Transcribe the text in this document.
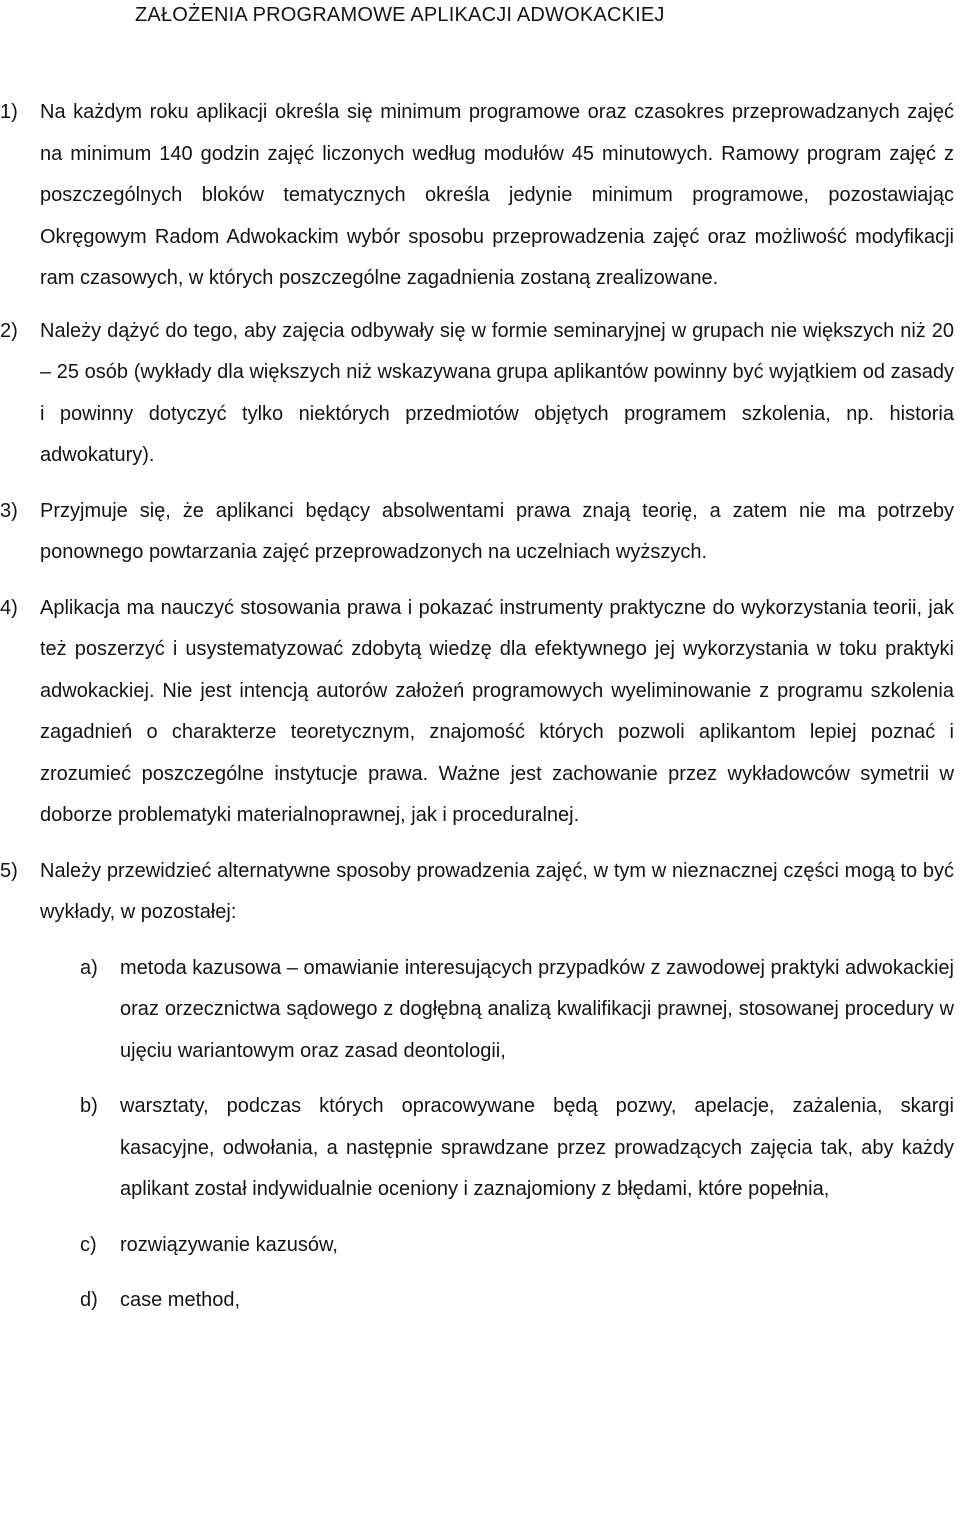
ZAŁOŻENIA PROGRAMOWE APLIKACJI ADWOKACKIEJ
1) Na każdym roku aplikacji określa się minimum programowe oraz czasokres przeprowadzanych zajęć na minimum 140 godzin zajęć liczonych według modułów 45 minutowych. Ramowy program zajęć z poszczególnych bloków tematycznych określa jedynie minimum programowe, pozostawiając Okręgowym Radom Adwokackim wybór sposobu przeprowadzenia zajęć oraz możliwość modyfikacji ram czasowych, w których poszczególne zagadnienia zostaną zrealizowane.
2) Należy dążyć do tego, aby zajęcia odbywały się w formie seminaryjnej w grupach nie większych niż 20 – 25 osób (wykłady dla większych niż wskazywana grupa aplikantów powinny być wyjątkiem od zasady i powinny dotyczyć tylko niektórych przedmiotów objętych programem szkolenia, np. historia adwokatury).
3) Przyjmuje się, że aplikanci będący absolwentami prawa znają teorię, a zatem nie ma potrzeby ponownego powtarzania zajęć przeprowadzonych na uczelniach wyższych.
4) Aplikacja ma nauczyć stosowania prawa i pokazać instrumenty praktyczne do wykorzystania teorii, jak też poszerzyć i usystematyzować zdobytą wiedzę dla efektywnego jej wykorzystania w toku praktyki adwokackiej. Nie jest intencją autorów założeń programowych wyeliminowanie z programu szkolenia zagadnień o charakterze teoretycznym, znajomość których pozwoli aplikantom lepiej poznać i zrozumieć poszczególne instytucje prawa. Ważne jest zachowanie przez wykładowców symetrii w doborze problematyki materialnoprawnej, jak i proceduralnej.
5) Należy przewidzieć alternatywne sposoby prowadzenia zajęć, w tym w nieznacznej części mogą to być wykłady, w pozostałej:
a) metoda kazusowa – omawianie interesujących przypadków z zawodowej praktyki adwokackiej oraz orzecznictwa sądowego z dogłębną analizą kwalifikacji prawnej, stosowanej procedury w ujęciu wariantowym oraz zasad deontologii,
b) warsztaty, podczas których opracowywane będą pozwy, apelacje, zażalenia, skargi kasacyjne, odwołania, a następnie sprawdzane przez prowadzących zajęcia tak, aby każdy aplikant został indywidualnie oceniony i zaznajomiony z błędami, które popełnia,
c) rozwiązywanie kazusów,
d) case method,
